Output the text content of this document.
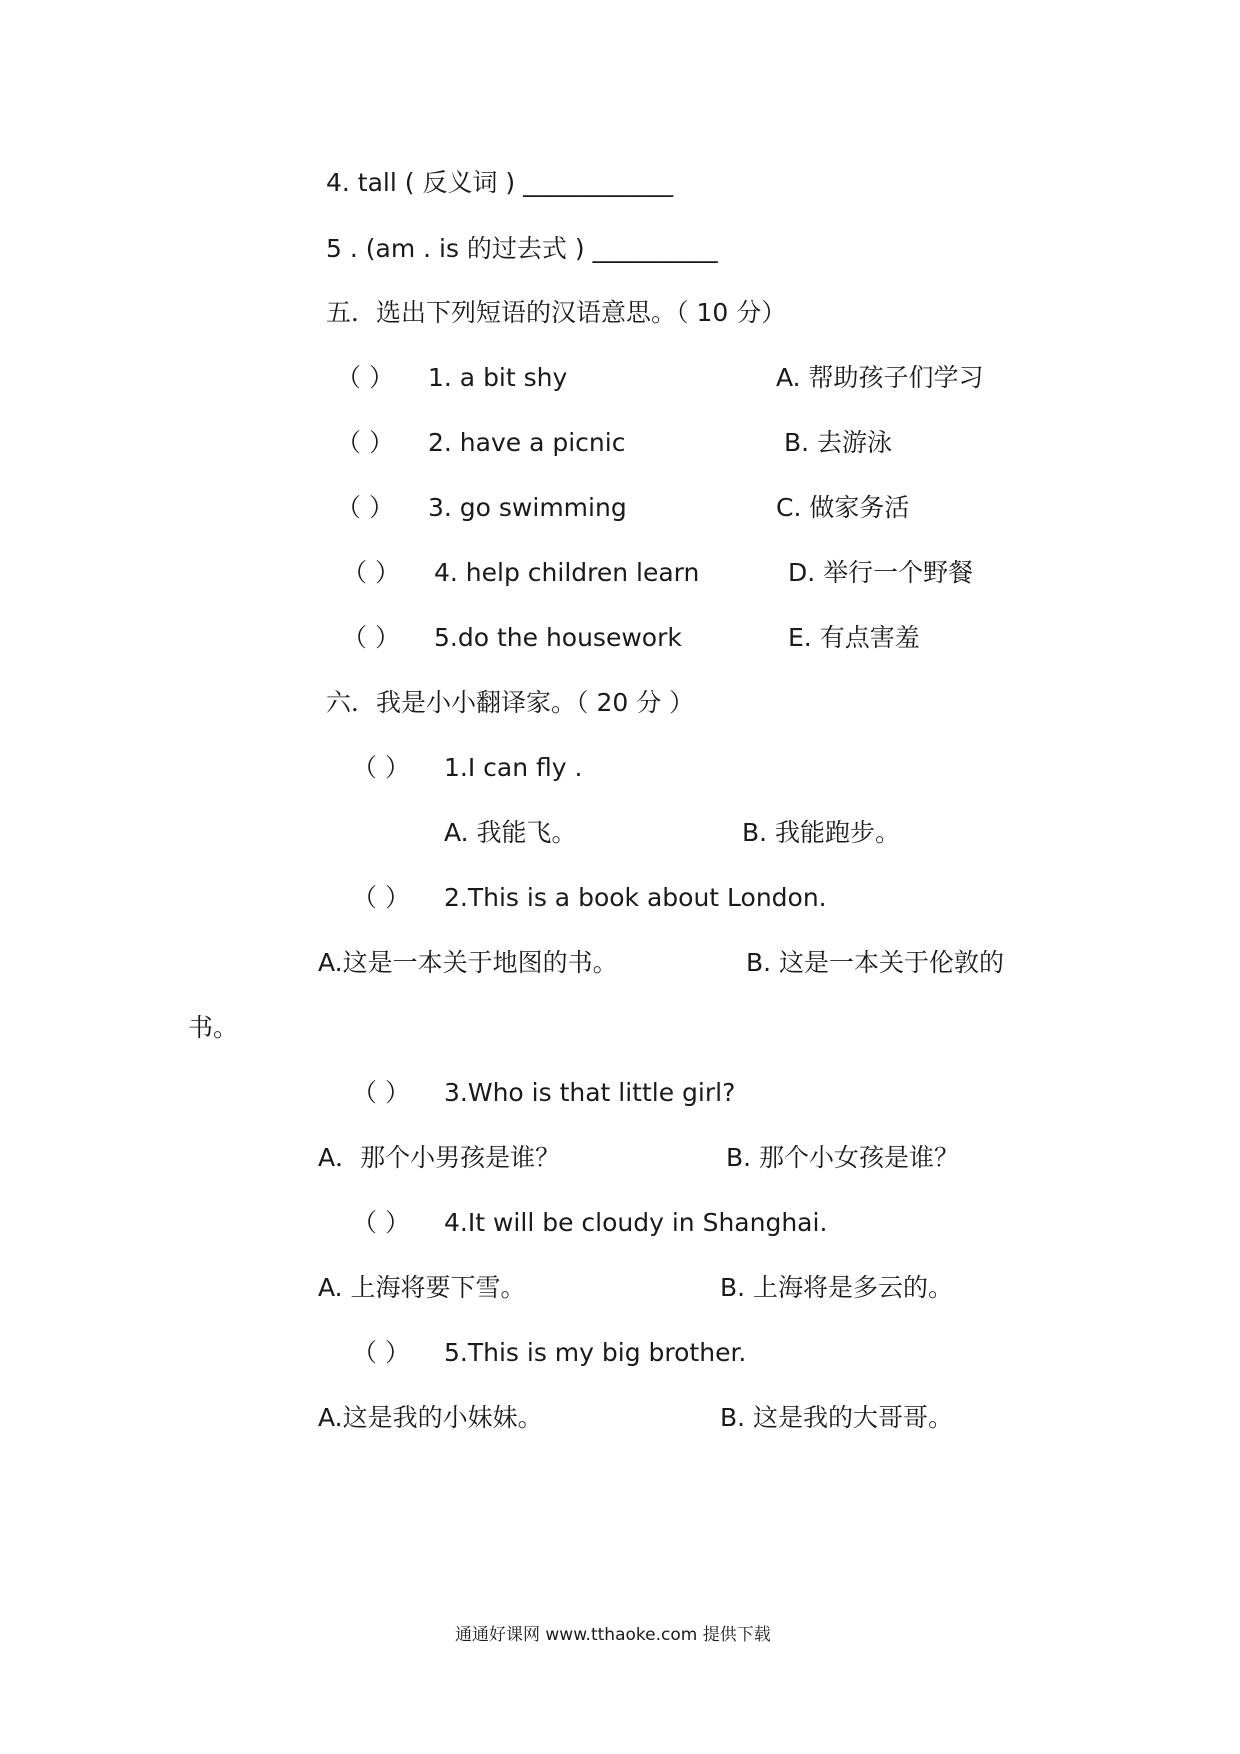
4. tall ( 反义词 ) ____________
5 . (am . is 的过去式 ) __________
五．选出下列短语的汉语意思。（ 10 分）
（ ） 1. a bit shy	A. 帮助孩子们学习
（ ） 2. have a picnic	B. 去游泳
（ ） 3. go swimming	C. 做家务活
（ ） 4. help children learn	D. 举行一个野餐
（ ） 5.do the housework	E. 有点害羞
六．我是小小翻译家。（ 20 分 ）
（ ） 1.I can fly .
A. 我能飞。	B. 我能跑步。
（ ） 2.This is a book about London.
A.这是一本关于地图的书。	B. 这是一本关于伦敦的
书。
（ ） 3.Who is that little girl?
A．那个小男孩是谁？	B. 那个小女孩是谁？
（ ） 4.It will be cloudy in Shanghai.
A. 上海将要下雪。	B. 上海将是多云的。
（ ） 5.This is my big brother.
A.这是我的小妹妹。	B. 这是我的大哥哥。
通通好课网 www.tthaoke.com 提供下载
